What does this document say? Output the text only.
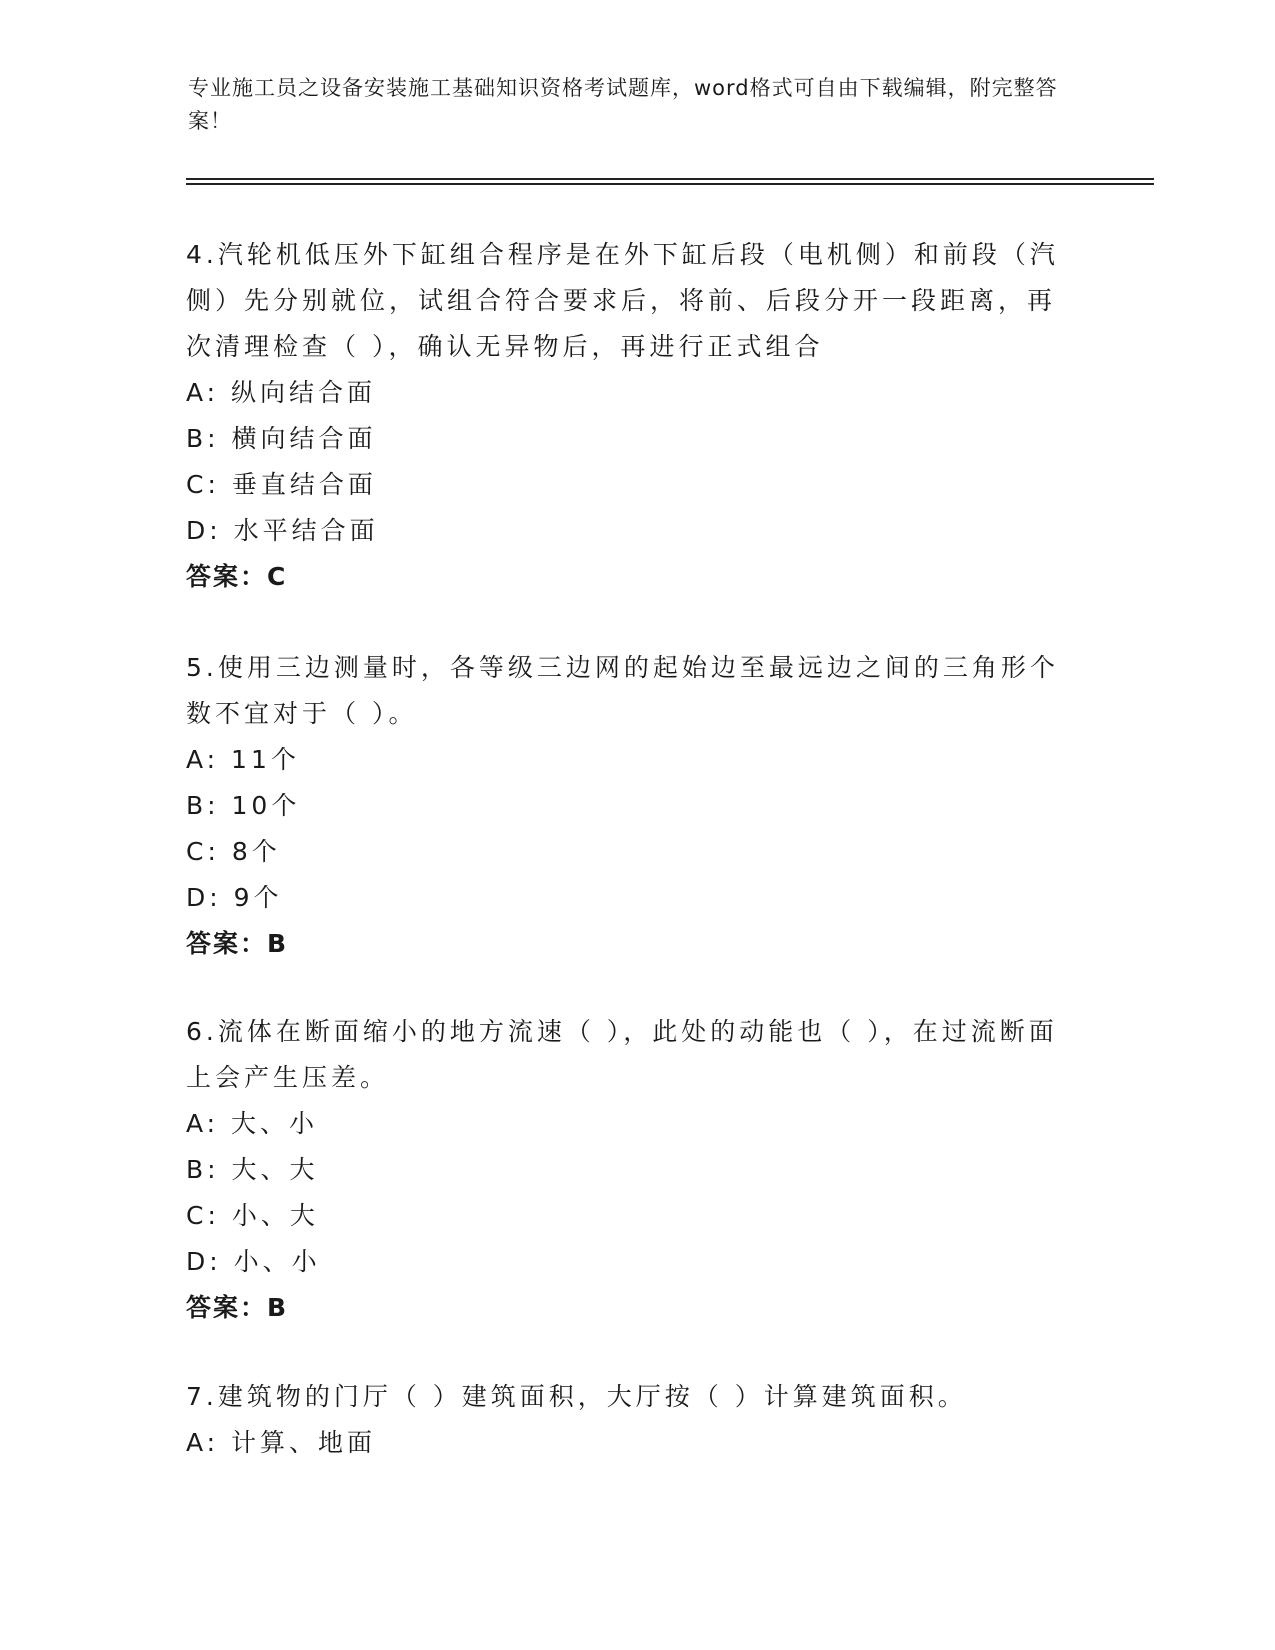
专业施工员之设备安装施工基础知识资格考试题库，word格式可自由下载编辑，附完整答案！

4.汽轮机低压外下缸组合程序是在外下缸后段（电机侧）和前段（汽侧）先分别就位，试组合符合要求后，将前、后段分开一段距离，再次清理检查（ ），确认无异物后，再进行正式组合

A: 纵向结合面

B: 横向结合面

C: 垂直结合面

D: 水平结合面

答案：C

5.使用三边测量时，各等级三边网的起始边至最远边之间的三角形个数不宜对于（ ）。

A: 11个

B: 10个

C: 8个

D: 9个

答案：B

6.流体在断面缩小的地方流速（ ），此处的动能也（ ），在过流断面上会产生压差。

A: 大、小

B: 大、大

C: 小、大

D: 小、小

答案：B

7.建筑物的门厅（ ）建筑面积，大厅按（ ）计算建筑面积。

A: 计算、地面
